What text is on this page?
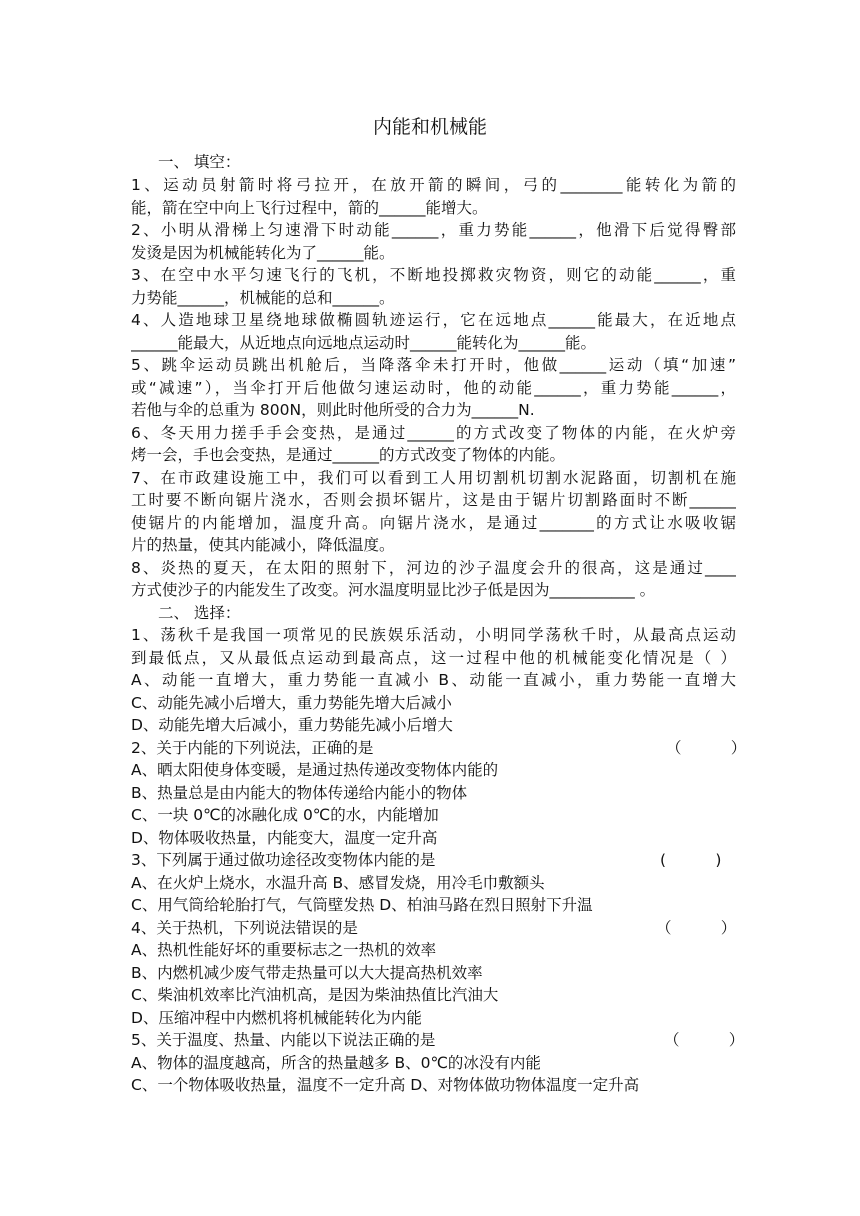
内能和机械能
一、 填空：
1、运动员射箭时将弓拉开，在放开箭的瞬间，弓的________能转化为箭的
能，箭在空中向上飞行过程中，箭的______能增大。
2、小明从滑梯上匀速滑下时动能______，重力势能______，他滑下后觉得臀部
发烫是因为机械能转化为了______能。
3、在空中水平匀速飞行的飞机，不断地投掷救灾物资，则它的动能______，重
力势能______，机械能的总和______。
4、人造地球卫星绕地球做椭圆轨迹运行，它在远地点______能最大，在近地点
______能最大，从近地点向远地点运动时______能转化为______能。
5、跳伞运动员跳出机舱后，当降落伞未打开时，他做______运动（填“加速”
或“减速”），当伞打开后他做匀速运动时，他的动能______，重力势能______，
若他与伞的总重为 800N，则此时他所受的合力为______N.
6、冬天用力搓手手会变热，是通过______的方式改变了物体的内能，在火炉旁
烤一会，手也会变热，是通过______的方式改变了物体的内能。
7、在市政建设施工中，我们可以看到工人用切割机切割水泥路面，切割机在施
工时要不断向锯片浇水，否则会损坏锯片，这是由于锯片切割路面时不断______
使锯片的内能增加，温度升高。向锯片浇水，是通过_______的方式让水吸收锯
片的热量，使其内能减小，降低温度。
8、炎热的夏天，在太阳的照射下，河边的沙子温度会升的很高，这是通过____
方式使沙子的内能发生了改变。河水温度明显比沙子低是因为___________ 。
二、 选择：
1、荡秋千是我国一项常见的民族娱乐活动，小明同学荡秋千时，从最高点运动
到最低点，又从最低点运动到最高点，这一过程中他的机械能变化情况是（ ）
A、动能一直增大，重力势能一直减小 B、动能一直减小，重力势能一直增大
C、动能先减小后增大，重力势能先增大后减小
D、动能先增大后减小，重力势能先减小后增大
2、关于内能的下列说法，正确的是	（          ）
A、晒太阳使身体变暖，是通过热传递改变物体内能的
B、热量总是由内能大的物体传递给内能小的物体
C、一块 0℃的冰融化成 0℃的水，内能增加
D、物体吸收热量，内能变大，温度一定升高
3、下列属于通过做功途径改变物体内能的是	(          )
A、在火炉上烧水，水温升高 B、感冒发烧，用冷毛巾敷额头
C、用气筒给轮胎打气，气筒壁发热 D、柏油马路在烈日照射下升温
4、关于热机，下列说法错误的是	（          ）
A、热机性能好坏的重要标志之一热机的效率
B、内燃机减少废气带走热量可以大大提高热机效率
C、柴油机效率比汽油机高，是因为柴油热值比汽油大
D、压缩冲程中内燃机将机械能转化为内能
5、关于温度、热量、内能以下说法正确的是	（          ）
A、物体的温度越高，所含的热量越多 B、0℃的冰没有内能
C、一个物体吸收热量，温度不一定升高 D、对物体做功物体温度一定升高
